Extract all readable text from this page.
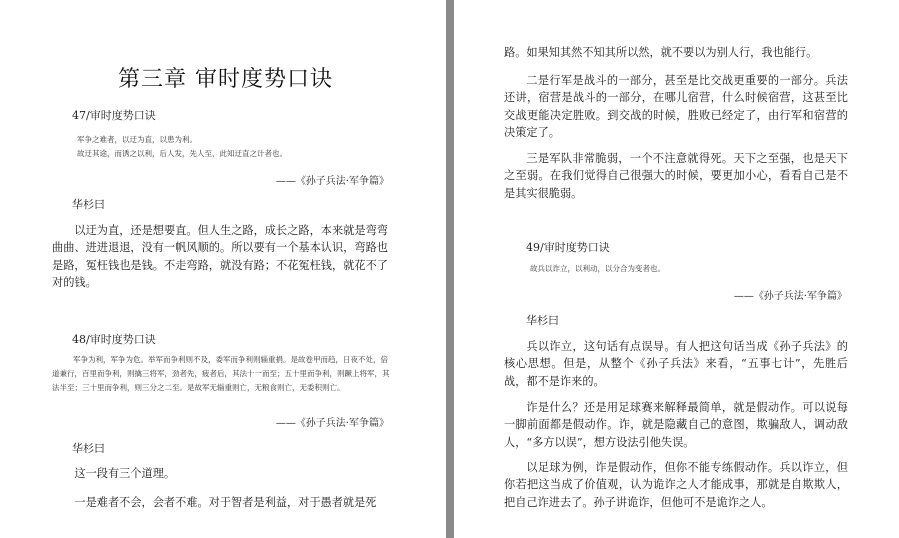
第三章 审时度势口诀
47/审时度势口诀
军争之难者，以迂为直，以患为利。
故迂其途，而诱之以利，后人发，先人至，此知迂直之计者也。
——《孙子兵法·军争篇》
华杉曰
以迂为直，还是想要直。但人生之路，成长之路，本来就是弯弯曲曲、进进退退，没有一帆风顺的。所以要有一个基本认识，弯路也是路，冤枉钱也是钱。不走弯路，就没有路；不花冤枉钱，就花不了对的钱。
48/审时度势口诀
军争为利，军争为危。举军而争利则不及，委军而争利则辎重捐。是故卷甲而趋，日夜不处，倍道兼行，百里而争利，则擒三将军，劲者先，疲者后，其法十一而至；五十里而争利，则蹶上将军，其法半至；三十里而争利，则三分之二至。是故军无辎重则亡，无粮食则亡，无委积则亡。
——《孙子兵法·军争篇》
华杉曰
这一段有三个道理。
一是难者不会，会者不难。对于智者是利益，对于愚者就是死
路。如果知其然不知其所以然，就不要以为别人行，我也能行。
二是行军是战斗的一部分，甚至是比交战更重要的一部分。兵法还讲，宿营是战斗的一部分，在哪儿宿营，什么时候宿营，这甚至比交战更能决定胜败。到交战的时候，胜败已经定了，由行军和宿营的决策定了。
三是军队非常脆弱，一个不注意就得死。天下之至强，也是天下之至弱。在我们觉得自己很强大的时候，要更加小心，看看自己是不是其实很脆弱。
49/审时度势口诀
故兵以诈立，以利动，以分合为变者也。
——《孙子兵法·军争篇》
华杉曰
兵以诈立，这句话有点误导。有人把这句话当成《孙子兵法》的核心思想。但是，从整个《孙子兵法》来看，“五事七计”，先胜后战，都不是诈来的。
诈是什么？还是用足球赛来解释最简单，就是假动作。可以说每一脚前面都是假动作。诈，就是隐藏自己的意图，欺骗敌人，调动敌人，“多方以误”，想方设法引他失误。
以足球为例，诈是假动作，但你不能专练假动作。兵以诈立，但你若把这当成了价值观，认为诡诈之人才能成事，那就是自欺欺人，把自己诈进去了。孙子讲诡诈，但他可不是诡诈之人。
